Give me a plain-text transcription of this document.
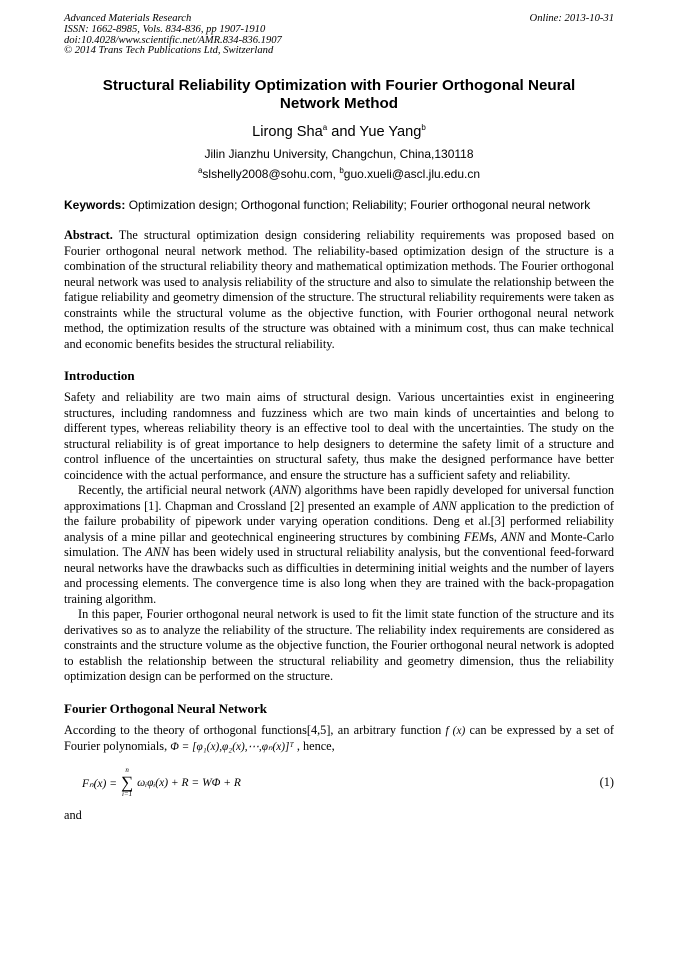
Advanced Materials Research
ISSN: 1662-8985, Vols. 834-836, pp 1907-1910
doi:10.4028/www.scientific.net/AMR.834-836.1907
© 2014 Trans Tech Publications Ltd, Switzerland
Online: 2013-10-31
Structural Reliability Optimization with Fourier Orthogonal Neural Network Method
Lirong Sha$^a$ and Yue Yang$^b$
Jilin Jianzhu University, Changchun, China,130118
$^a$slshelly2008@sohu.com, $^b$guo.xueli@ascl.jlu.edu.cn
Keywords: Optimization design; Orthogonal function; Reliability; Fourier orthogonal neural network

Abstract. The structural optimization design considering reliability requirements was proposed based on Fourier orthogonal neural network method. The reliability-based optimization design of the structure is a combination of the structural reliability theory and mathematical optimization methods. The Fourier orthogonal neural network was used to analysis reliability of the structure and also to simulate the relationship between the fatigue reliability and geometry dimension of the structure. The structural reliability requirements were taken as constraints while the structural volume as the objective function, with Fourier orthogonal neural network method, the optimization results of the structure was obtained with a minimum cost, thus can make technical and economic benefits besides the structural reliability.

Introduction

Safety and reliability are two main aims of structural design. Various uncertainties exist in engineering structures, including randomness and fuzziness which are two main kinds of uncertainties and belong to different types, whereas reliability theory is an effective tool to deal with the uncertainties. The study on the structural reliability is of great importance to help designers to determine the safety limit of a structure and control influence of the uncertainties on structural safety, thus make the designed performance have better coincidence with the actual performance, and ensure the structure has a sufficient safety and reliability.

Recently, the artificial neural network (ANN) algorithms have been rapidly developed for universal function approximations [1]. Chapman and Crossland [2] presented an example of ANN application to the prediction of the failure probability of pipework under varying operation conditions. Deng et al.[3] performed reliability analysis of a mine pillar and geotechnical engineering structures by combining FEMs, ANN and Monte-Carlo simulation. The ANN has been widely used in structural reliability analysis, but the conventional feed-forward neural networks have the drawbacks such as difficulties in determining initial weights and the number of layers and processing elements. The convergence time is also long when they are trained with the back-propagation training algorithm.

In this paper, Fourier orthogonal neural network is used to fit the limit state function of the structure and its derivatives so as to analyze the reliability of the structure. The reliability index requirements are considered as constraints and the structure volume as the objective function, the Fourier orthogonal neural network is adopted to establish the relationship between the structural reliability and geometry dimension, thus the reliability optimization design can be performed on the structure.

Fourier Orthogonal Neural Network

According to the theory of orthogonal functions[4,5], an arbitrary function f (x) can be expressed by a set of Fourier polynomials, Φ = [φ₁(x),φ₂(x),⋯,φₙ(x)]ᵀ , hence,

Fₙ(x) =
n
∑
i=1
ωᵢφᵢ(x) + R = WΦ + R	(1)
and
